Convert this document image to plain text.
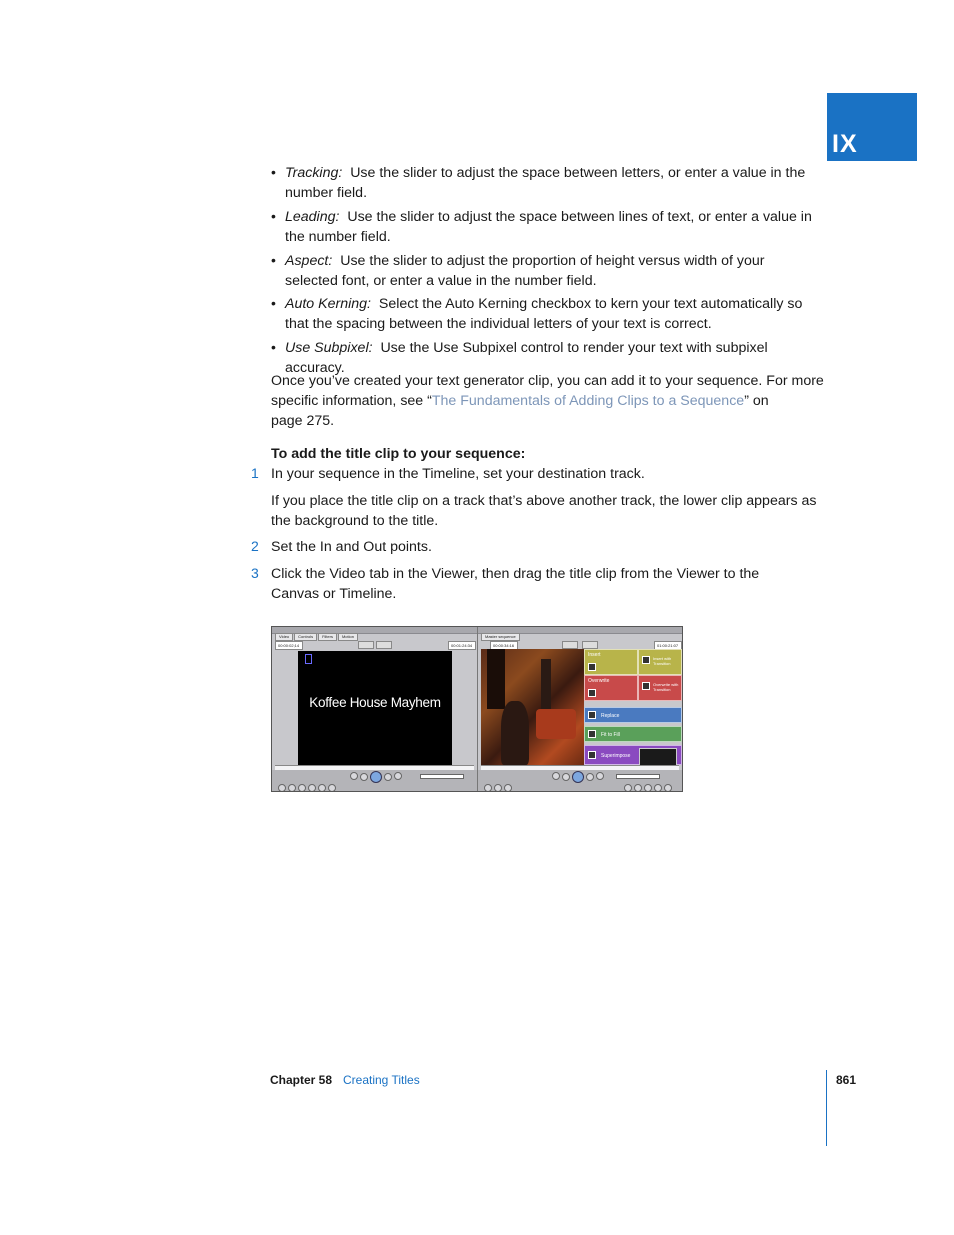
IX
• Tracking: Use the slider to adjust the space between letters, or enter a value in the
number field.
• Leading: Use the slider to adjust the space between lines of text, or enter a value in
the number field.
• Aspect: Use the slider to adjust the proportion of height versus width of your
selected font, or enter a value in the number field.
• Auto Kerning: Select the Auto Kerning checkbox to kern your text automatically so
that the spacing between the individual letters of your text is correct.
• Use Subpixel: Use the Use Subpixel control to render your text with subpixel accuracy.
Once you’ve created your text generator clip, you can add it to your sequence. For more
specific information, see “The Fundamentals of Adding Clips to a Sequence” on
page 275.
To add the title clip to your sequence:
1 In your sequence in the Timeline, set your destination track.
If you place the title clip on a track that’s above another track, the lower clip appears as
the background to the title.
2 Set the In and Out points.
3 Click the Video tab in the Viewer, then drag the title clip from the Viewer to the
Canvas or Timeline.
Video Controls Filters Motion
00:00:02;14	00:01:24:34
Koffee House Mayhem
Master sequence
00:00:34:16	01:00:21:07
Insert
Insert with Transition
Overwrite
Overwrite with Transition
Replace
Fit to Fill
Superimpose
Chapter 58 Creating Titles	861
